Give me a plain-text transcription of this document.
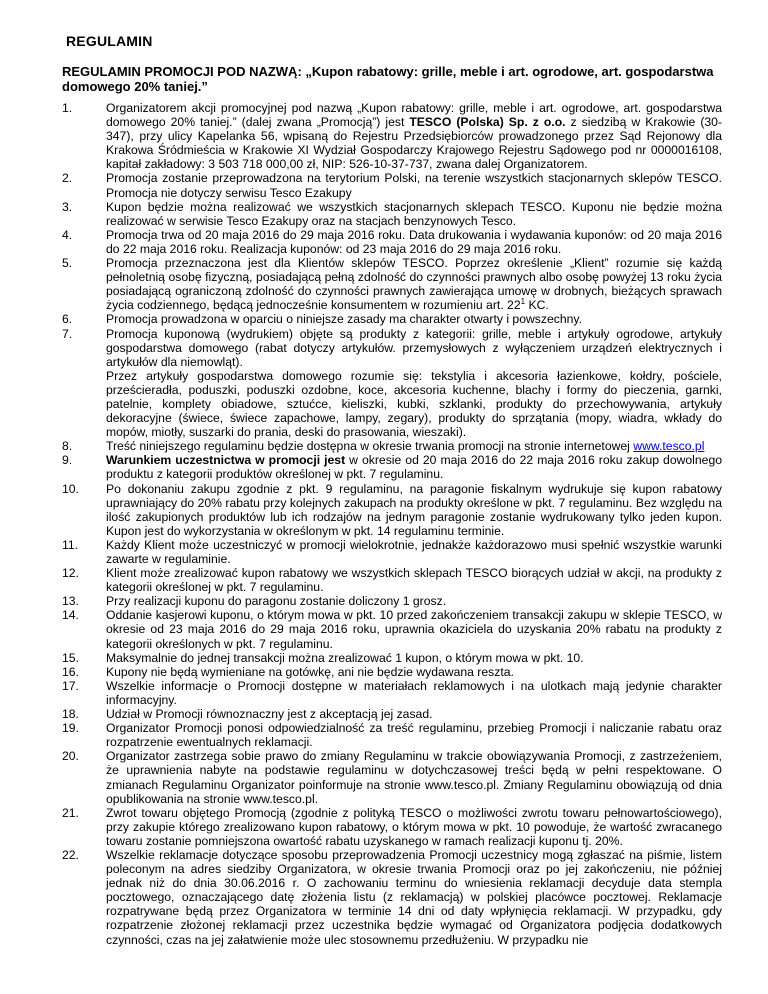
REGULAMIN
REGULAMIN PROMOCJI POD NAZWĄ: „Kupon rabatowy: grille, meble i art. ogrodowe, art. gospodarstwa domowego 20% taniej.”
1.	Organizatorem akcji promocyjnej pod nazwą „Kupon rabatowy: grille, meble i art. ogrodowe, art. gospodarstwa domowego 20% taniej.” (dalej zwana „Promocją”) jest TESCO (Polska) Sp. z o.o. z siedzibą w Krakowie (30-347), przy ulicy Kapelanka 56, wpisaną do Rejestru Przedsiębiorców prowadzonego przez Sąd Rejonowy dla Krakowa Śródmieścia w Krakowie XI Wydział Gospodarczy Krajowego Rejestru Sądowego pod nr 0000016108, kapitał zakładowy: 3 503 718 000,00 zł, NIP: 526-10-37-737, zwana dalej Organizatorem.

2.	Promocja zostanie przeprowadzona na terytorium Polski, na terenie wszystkich stacjonarnych sklepów TESCO. Promocja nie dotyczy serwisu Tesco Ezakupy

3.	Kupon będzie można realizować we wszystkich stacjonarnych sklepach TESCO. Kuponu nie będzie można realizować w serwisie Tesco Ezakupy oraz na stacjach benzynowych Tesco.

4.	Promocja trwa od 20 maja 2016 do 29 maja 2016 roku. Data drukowania i wydawania kuponów: od 20 maja 2016 do 22 maja 2016 roku. Realizacja kuponów: od 23 maja 2016 do 29 maja 2016 roku.

5.	Promocja przeznaczona jest dla Klientów sklepów TESCO. Poprzez określenie „Klient” rozumie się każdą pełnoletnią osobę fizyczną, posiadającą pełną zdolność do czynności prawnych albo osobę powyżej 13 roku życia posiadającą ograniczoną zdolność do czynności prawnych zawierająca umowę w drobnych, bieżących sprawach życia codziennego, będącą jednocześnie konsumentem w rozumieniu art. $22^1$ KC.

6.	Promocja prowadzona w oparciu o niniejsze zasady ma charakter otwarty i powszechny.

7.	Promocja kuponową (wydrukiem) objęte są produkty z kategorii: grille, meble i artykuły ogrodowe, artykuły gospodarstwa domowego (rabat dotyczy artykułów. przemysłowych z wyłączeniem urządzeń elektrycznych i artykułów dla niemowląt).

Przez artykuły gospodarstwa domowego rozumie się: tekstylia i akcesoria łazienkowe, kołdry, pościele, prześcieradła, poduszki, poduszki ozdobne, koce, akcesoria kuchenne, blachy i formy do pieczenia, garnki, patelnie, komplety obiadowe, sztućce, kieliszki, kubki, szklanki, produkty do przechowywania, artykuły dekoracyjne (świece, świece zapachowe, lampy, zegary), produkty do sprzątania (mopy, wiadra, wkłady do mopów, miotły, suszarki do prania, deski do prasowania, wieszaki).

8.	Treść niniejszego regulaminu będzie dostępna w okresie trwania promocji na stronie internetowej www.tesco.pl

9.	Warunkiem uczestnictwa w promocji jest w okresie od 20 maja 2016 do 22 maja 2016 roku zakup dowolnego produktu z kategorii produktów określonej w pkt. 7 regulaminu.

10. Po dokonaniu zakupu zgodnie z pkt. 9 regulaminu, na paragonie fiskalnym wydrukuje się kupon rabatowy uprawniający do 20% rabatu przy kolejnych zakupach na produkty określone w pkt. 7 regulaminu. Bez względu na ilość zakupionych produktów lub ich rodzajów na jednym paragonie zostanie wydrukowany tylko jeden kupon. Kupon jest do wykorzystania w określonym w pkt. 14 regulaminu terminie.

11. Każdy Klient może uczestniczyć w promocji wielokrotnie, jednakże każdorazowo musi spełnić wszystkie warunki zawarte w regulaminie.

12. Klient może zrealizować kupon rabatowy we wszystkich sklepach TESCO biorących udział w akcji, na produkty z kategorii określonej w pkt. 7 regulaminu.

13. Przy realizacji kuponu do paragonu zostanie doliczony 1 grosz.

14. Oddanie kasjerowi kuponu, o którym mowa w pkt. 10 przed zakończeniem transakcji zakupu w sklepie TESCO, w okresie od 23 maja 2016 do 29 maja 2016 roku, uprawnia okaziciela do uzyskania 20% rabatu na produkty z kategorii określonych w pkt. 7 regulaminu.

15. Maksymalnie do jednej transakcji można zrealizować 1 kupon, o którym mowa w pkt. 10.

16. Kupony nie będą wymieniane na gotówkę, ani nie będzie wydawana reszta.

17. Wszelkie informacje o Promocji dostępne w materiałach reklamowych i na ulotkach mają jedynie charakter informacyjny.

18. Udział w Promocji równoznaczny jest z akceptacją jej zasad.

19. Organizator Promocji ponosi odpowiedzialność za treść regulaminu, przebieg Promocji i naliczanie rabatu oraz rozpatrzenie ewentualnych reklamacji.

20. Organizator zastrzega sobie prawo do zmiany Regulaminu w trakcie obowiązywania Promocji, z zastrzeżeniem, że uprawnienia nabyte na podstawie regulaminu w dotychczasowej treści będą w pełni respektowane. O zmianach Regulaminu Organizator poinformuje na stronie www.tesco.pl. Zmiany Regulaminu obowiązują od dnia opublikowania na stronie www.tesco.pl.

21. Zwrot towaru objętego Promocją (zgodnie z polityką TESCO o możliwości zwrotu towaru pełnowartościowego), przy zakupie którego zrealizowano kupon rabatowy, o którym mowa w pkt. 10 powoduje, że wartość zwracanego towaru zostanie pomniejszona owartość rabatu uzyskanego w ramach realizacji kuponu tj. 20%.

22. Wszelkie reklamacje dotyczące sposobu przeprowadzenia Promocji uczestnicy mogą zgłaszać na piśmie, listem poleconym na adres siedziby Organizatora, w okresie trwania Promocji oraz po jej zakończeniu, nie później jednak niż do dnia 30.06.2016 r. O zachowaniu terminu do wniesienia reklamacji decyduje data stempla pocztowego, oznaczającego datę złożenia listu (z reklamacją) w polskiej placówce pocztowej. Reklamacje rozpatrywane będą przez Organizatora w terminie 14 dni od daty wpłynięcia reklamacji. W przypadku, gdy rozpatrzenie złożonej reklamacji przez uczestnika będzie wymagać od Organizatora podjęcia dodatkowych czynności, czas na jej załatwienie może ulec stosownemu przedłużeniu. W przypadku nie
